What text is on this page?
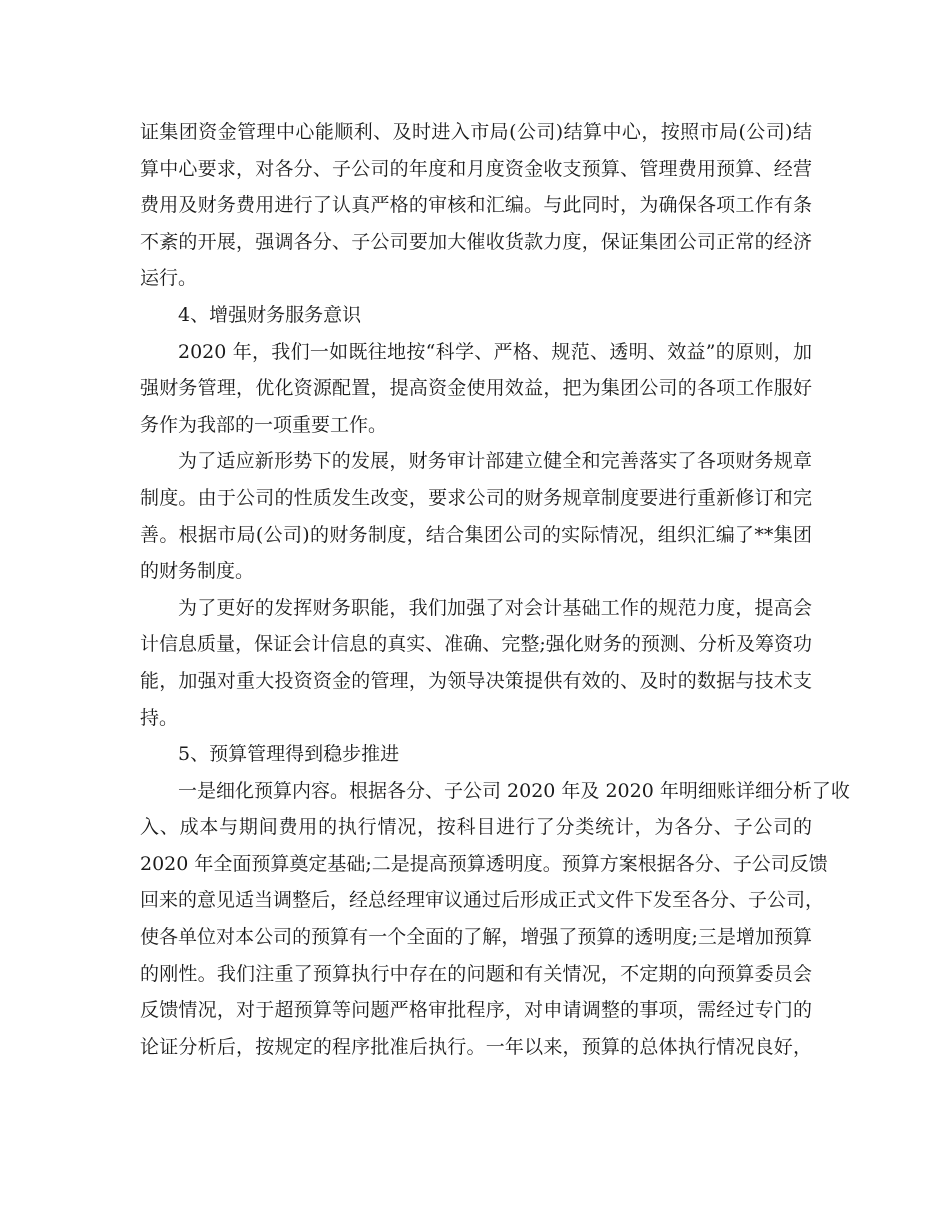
证集团资金管理中心能顺利、及时进入市局(公司)结算中心，按照市局(公司)结
算中心要求，对各分、子公司的年度和月度资金收支预算、管理费用预算、经营
费用及财务费用进行了认真严格的审核和汇编。与此同时，为确保各项工作有条
不紊的开展，强调各分、子公司要加大催收货款力度，保证集团公司正常的经济
运行。
4、增强财务服务意识
2020 年，我们一如既往地按“科学、严格、规范、透明、效益”的原则，加
强财务管理，优化资源配置，提高资金使用效益，把为集团公司的各项工作服好
务作为我部的一项重要工作。
为了适应新形势下的发展，财务审计部建立健全和完善落实了各项财务规章
制度。由于公司的性质发生改变，要求公司的财务规章制度要进行重新修订和完
善。根据市局(公司)的财务制度，结合集团公司的实际情况，组织汇编了**集团
的财务制度。
为了更好的发挥财务职能，我们加强了对会计基础工作的规范力度，提高会
计信息质量，保证会计信息的真实、准确、完整;强化财务的预测、分析及筹资功
能，加强对重大投资资金的管理，为领导决策提供有效的、及时的数据与技术支
持。
5、预算管理得到稳步推进
一是细化预算内容。根据各分、子公司 2020 年及 2020 年明细账详细分析了收
入、成本与期间费用的执行情况，按科目进行了分类统计，为各分、子公司的
2020 年全面预算奠定基础;二是提高预算透明度。预算方案根据各分、子公司反馈
回来的意见适当调整后，经总经理审议通过后形成正式文件下发至各分、子公司，
使各单位对本公司的预算有一个全面的了解，增强了预算的透明度;三是增加预算
的刚性。我们注重了预算执行中存在的问题和有关情况，不定期的向预算委员会
反馈情况，对于超预算等问题严格审批程序，对申请调整的事项，需经过专门的
论证分析后，按规定的程序批准后执行。一年以来，预算的总体执行情况良好，
